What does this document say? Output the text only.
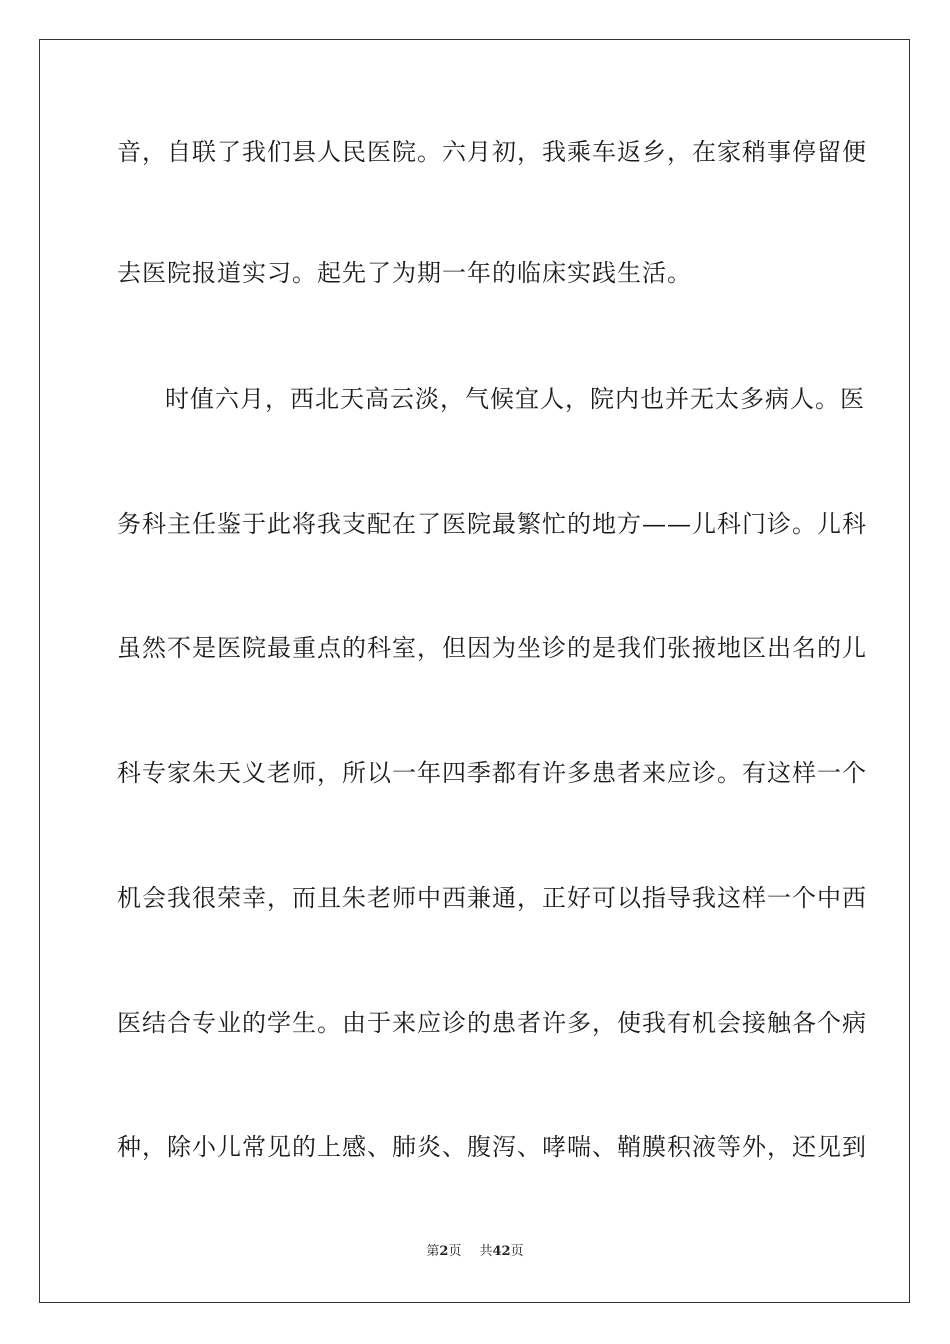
音，自联了我们县人民医院。六月初，我乘车返乡，在家稍事停留便
去医院报道实习。起先了为期一年的临床实践生活。
时值六月，西北天高云淡，气候宜人，院内也并无太多病人。医
务科主任鉴于此将我支配在了医院最繁忙的地方——儿科门诊。儿科
虽然不是医院最重点的科室，但因为坐诊的是我们张掖地区出名的儿
科专家朱天义老师，所以一年四季都有许多患者来应诊。有这样一个
机会我很荣幸，而且朱老师中西兼通，正好可以指导我这样一个中西
医结合专业的学生。由于来应诊的患者许多，使我有机会接触各个病
种，除小儿常见的上感、肺炎、腹泻、哮喘、鞘膜积液等外，还见到
第2页 共42页
